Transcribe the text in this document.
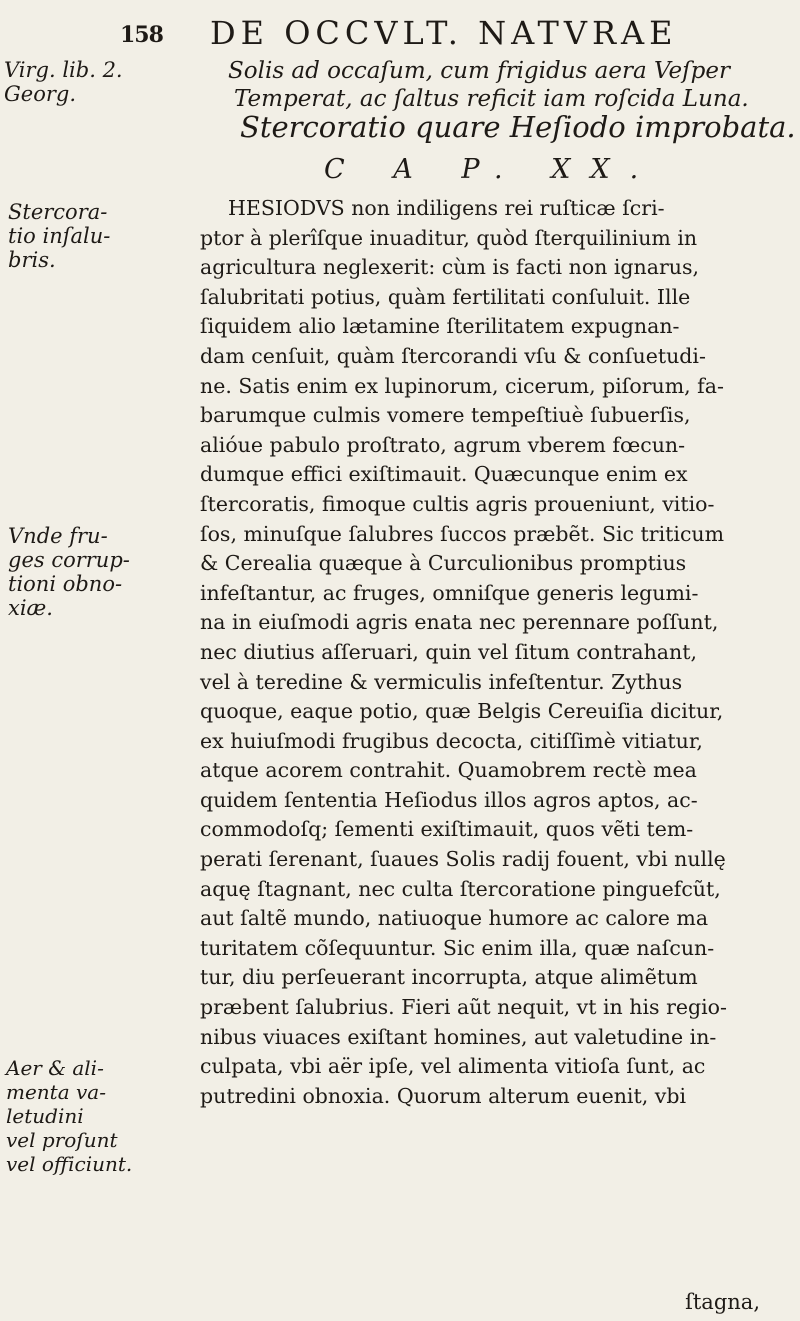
158 DE OCCVLT. NATVRAE
Virg. lib. 2.
Georg.
Solis ad occaſum, cum frigidus aera Veſper
Temperat, ac ſaltus reficit iam roſcida Luna.
Stercoratio quare Heſiodo improbata.
C A P. XX.
Stercora-
tio inſalu-
bris.
Vnde fru-
ges corrup-
tioni obno-
xiæ.
Aer & ali-
menta va-
letudini
vel proſunt
vel officiunt.
HESIODVS non indiligens rei ruſticæ ſcri-
ptor à plerîſque inuaditur, quòd ſterquilinium in
agricultura neglexerit: cùm is facti non ignarus,
ſalubritati potius, quàm fertilitati conſuluit. Ille
ſiquidem alio lætamine ſterilitatem expugnan-
dam cenſuit, quàm ſtercorandi vſu & conſuetudi-
ne. Satis enim ex lupinorum, cicerum, piſorum, fa-
barumque culmis vomere tempeſtiuè ſubuerſis,
alióue pabulo proſtrato, agrum vberem fœcun-
dumque effici exiſtimauit. Quæcunque enim ex
ſtercoratis, fimoque cultis agris proueniunt, vitio-
ſos, minuſque ſalubres ſuccos præbẽt. Sic triticum
& Cerealia quæque à Curculionibus promptius
infeſtantur, ac fruges, omniſque generis legumi-
na in eiuſmodi agris enata nec perennare poſſunt,
nec diutius aſſeruari, quin vel ſitum contrahant,
vel à teredine & vermiculis infeſtentur. Zythus
quoque, eaque potio, quæ Belgis Cereuiſia dicitur,
ex huiuſmodi frugibus decocta, citiſſimè vitiatur,
atque acorem contrahit. Quamobrem rectè mea
quidem ſententia Heſiodus illos agros aptos, ac-
commodoſq; ſementi exiſtimauit, quos vẽti tem-
perati ſerenant, ſuaues Solis radij fouent, vbi nullę
aquę ſtagnant, nec culta ſtercoratione pinguefcũt,
aut ſaltẽ mundo, natiuoque humore ac calore ma
turitatem cõſequuntur. Sic enim illa, quæ naſcun-
tur, diu perſeuerant incorrupta, atque alimẽtum
præbent ſalubrius. Fieri aũt nequit, vt in his regio-
nibus viuaces exiſtant homines, aut valetudine in-
culpata, vbi aër ipſe, vel alimenta vitioſa ſunt, ac
putredini obnoxia. Quorum alterum euenit, vbi
ſtagna,
